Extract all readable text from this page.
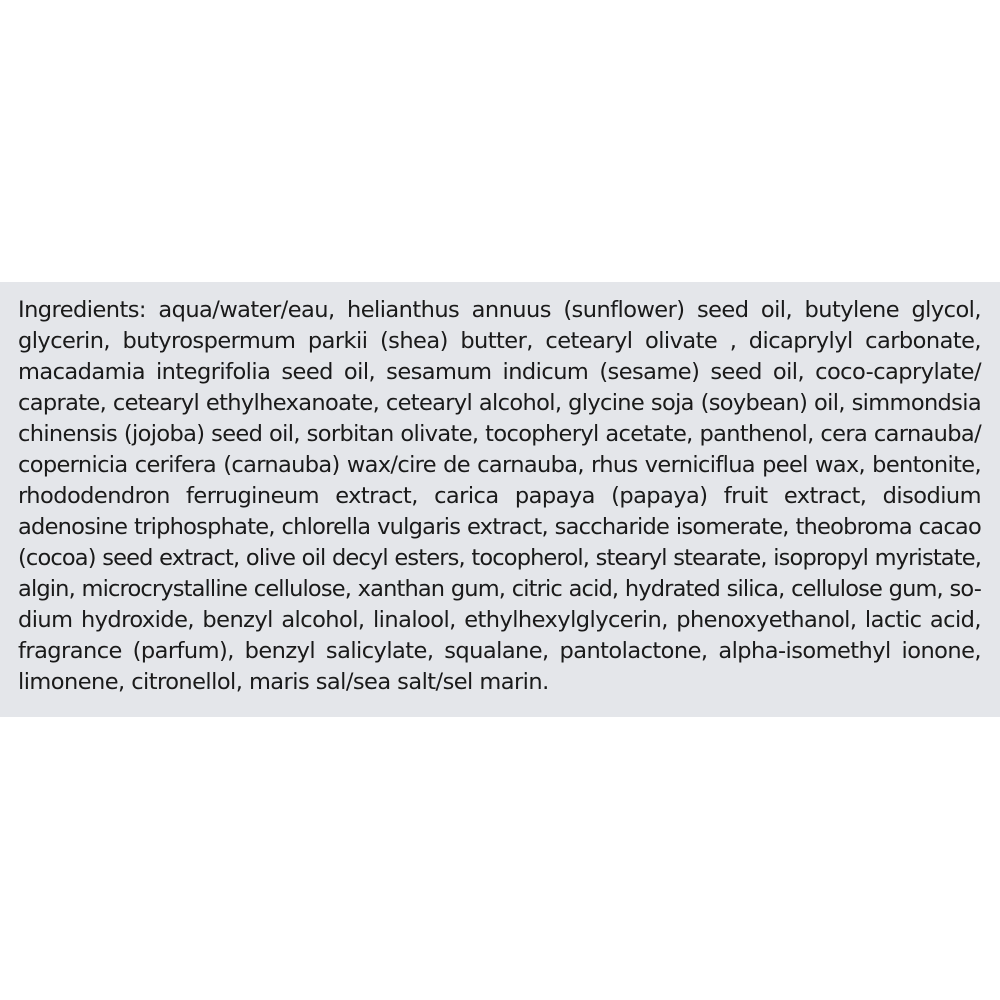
Ingredients: aqua/water/eau, helianthus annuus (sunflower) seed oil, butylene glycol,
glycerin, butyrospermum parkii (shea) butter, cetearyl olivate , dicaprylyl carbonate,
macadamia integrifolia seed oil, sesamum indicum (sesame) seed oil, coco-caprylate/
caprate, cetearyl ethylhexanoate, cetearyl alcohol, glycine soja (soybean) oil, simmondsia
chinensis (jojoba) seed oil, sorbitan olivate, tocopheryl acetate, panthenol, cera carnauba/
copernicia cerifera (carnauba) wax/cire de carnauba, rhus verniciflua peel wax, bentonite,
rhododendron ferrugineum extract, carica papaya (papaya) fruit extract, disodium
adenosine triphosphate, chlorella vulgaris extract, saccharide isomerate, theobroma cacao
(cocoa) seed extract, olive oil decyl esters, tocopherol, stearyl stearate, isopropyl myristate,
algin, microcrystalline cellulose, xanthan gum, citric acid, hydrated silica, cellulose gum, so-
dium hydroxide, benzyl alcohol, linalool, ethylhexylglycerin, phenoxyethanol, lactic acid,
fragrance (parfum), benzyl salicylate, squalane, pantolactone, alpha-isomethyl ionone,
limonene, citronellol, maris sal/sea salt/sel marin.
